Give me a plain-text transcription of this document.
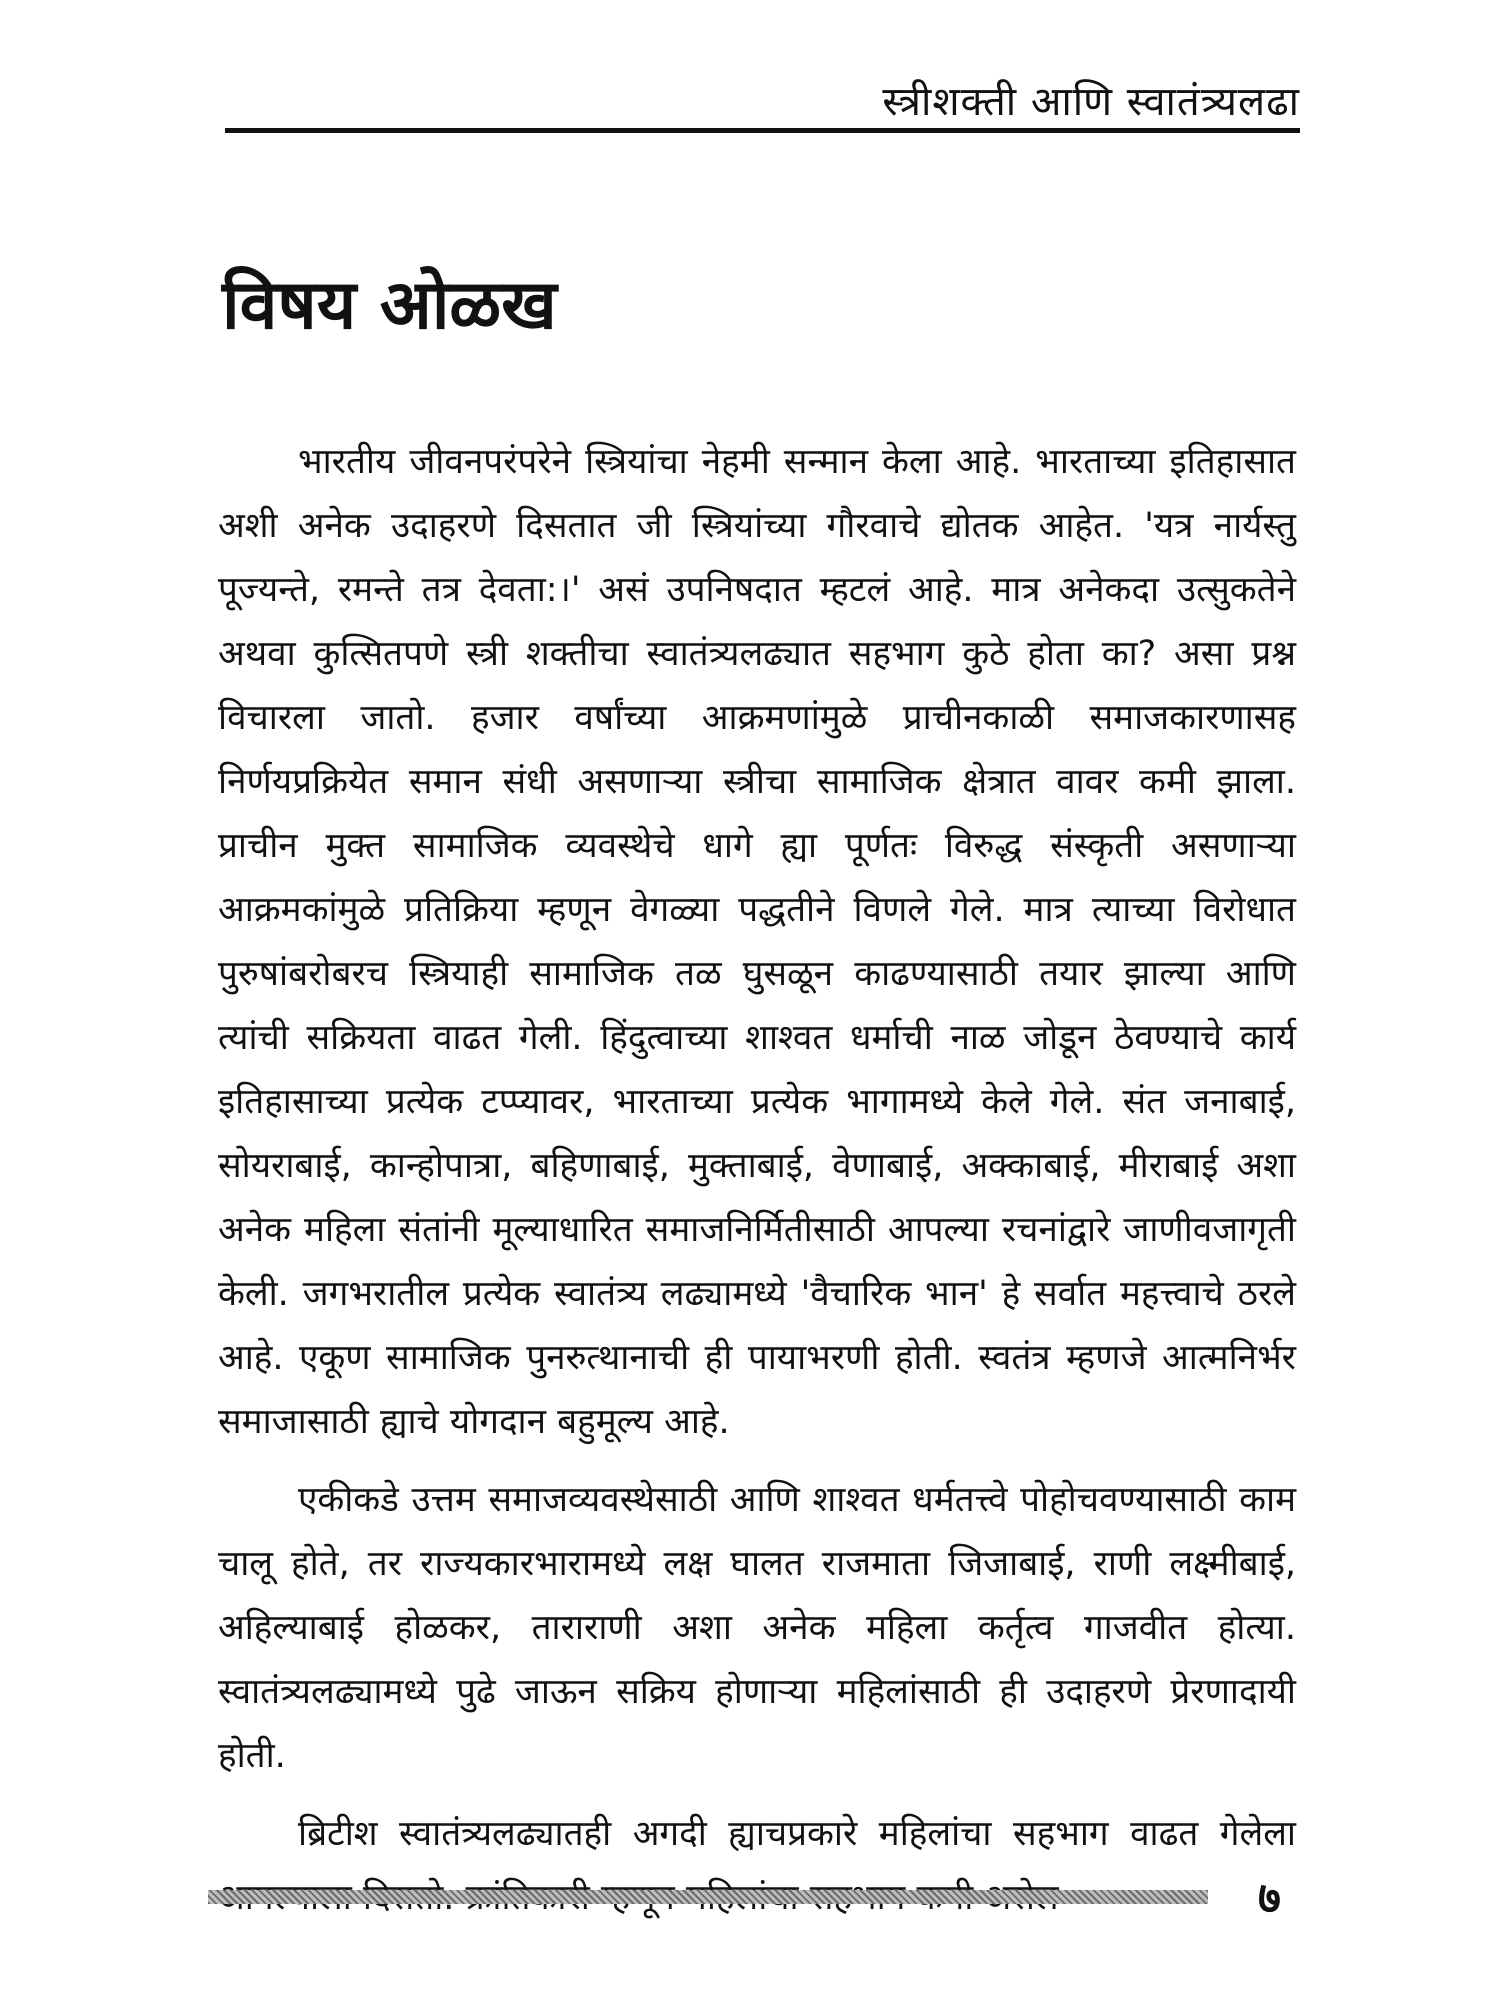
स्त्रीशक्ती आणि स्वातंत्र्यलढा
विषय ओळख

भारतीय जीवनपरंपरेने स्त्रियांचा नेहमी सन्मान केला आहे. भारताच्या इतिहासात अशी अनेक उदाहरणे दिसतात जी स्त्रियांच्या गौरवाचे द्योतक आहेत. 'यत्र नार्यस्तु पूज्यन्ते, रमन्ते तत्र देवता:।' असं उपनिषदात म्हटलं आहे. मात्र अनेकदा उत्सुकतेने अथवा कुत्सितपणे स्त्री शक्तीचा स्वातंत्र्यलढ्यात सहभाग कुठे होता का? असा प्रश्न विचारला जातो. हजार वर्षांच्या आक्रमणांमुळे प्राचीनकाळी समाजकारणासह निर्णयप्रक्रियेत समान संधी असणाऱ्या स्त्रीचा सामाजिक क्षेत्रात वावर कमी झाला. प्राचीन मुक्त सामाजिक व्यवस्थेचे धागे ह्या पूर्णतः विरुद्ध संस्कृती असणाऱ्या आक्रमकांमुळे प्रतिक्रिया म्हणून वेगळ्या पद्धतीने विणले गेले. मात्र त्याच्या विरोधात पुरुषांबरोबरच स्त्रियाही सामाजिक तळ घुसळून काढण्यासाठी तयार झाल्या आणि त्यांची सक्रियता वाढत गेली. हिंदुत्वाच्या शाश्वत धर्माची नाळ जोडून ठेवण्याचे कार्य इतिहासाच्या प्रत्येक टप्प्यावर, भारताच्या प्रत्येक भागामध्ये केले गेले. संत जनाबाई, सोयराबाई, कान्होपात्रा, बहिणाबाई, मुक्ताबाई, वेणाबाई, अक्काबाई, मीराबाई अशा अनेक महिला संतांनी मूल्याधारित समाजनिर्मितीसाठी आपल्या रचनांद्वारे जाणीवजागृती केली. जगभरातील प्रत्येक स्वातंत्र्य लढ्यामध्ये 'वैचारिक भान' हे सर्वात महत्त्वाचे ठरले आहे. एकूण सामाजिक पुनरुत्थानाची ही पायाभरणी होती. स्वतंत्र म्हणजे आत्मनिर्भर समाजासाठी ह्याचे योगदान बहुमूल्य आहे.

एकीकडे उत्तम समाजव्यवस्थेसाठी आणि शाश्वत धर्मतत्त्वे पोहोचवण्यासाठी काम चालू होते, तर राज्यकारभारामध्ये लक्ष घालत राजमाता जिजाबाई, राणी लक्ष्मीबाई, अहिल्याबाई होळकर, ताराराणी अशा अनेक महिला कर्तृत्व गाजवीत होत्या. स्वातंत्र्यलढ्यामध्ये पुढे जाऊन सक्रिय होणाऱ्या महिलांसाठी ही उदाहरणे प्रेरणादायी होती.

ब्रिटीश स्वातंत्र्यलढ्यातही अगदी ह्याचप्रकारे महिलांचा सहभाग वाढत गेलेला

७
